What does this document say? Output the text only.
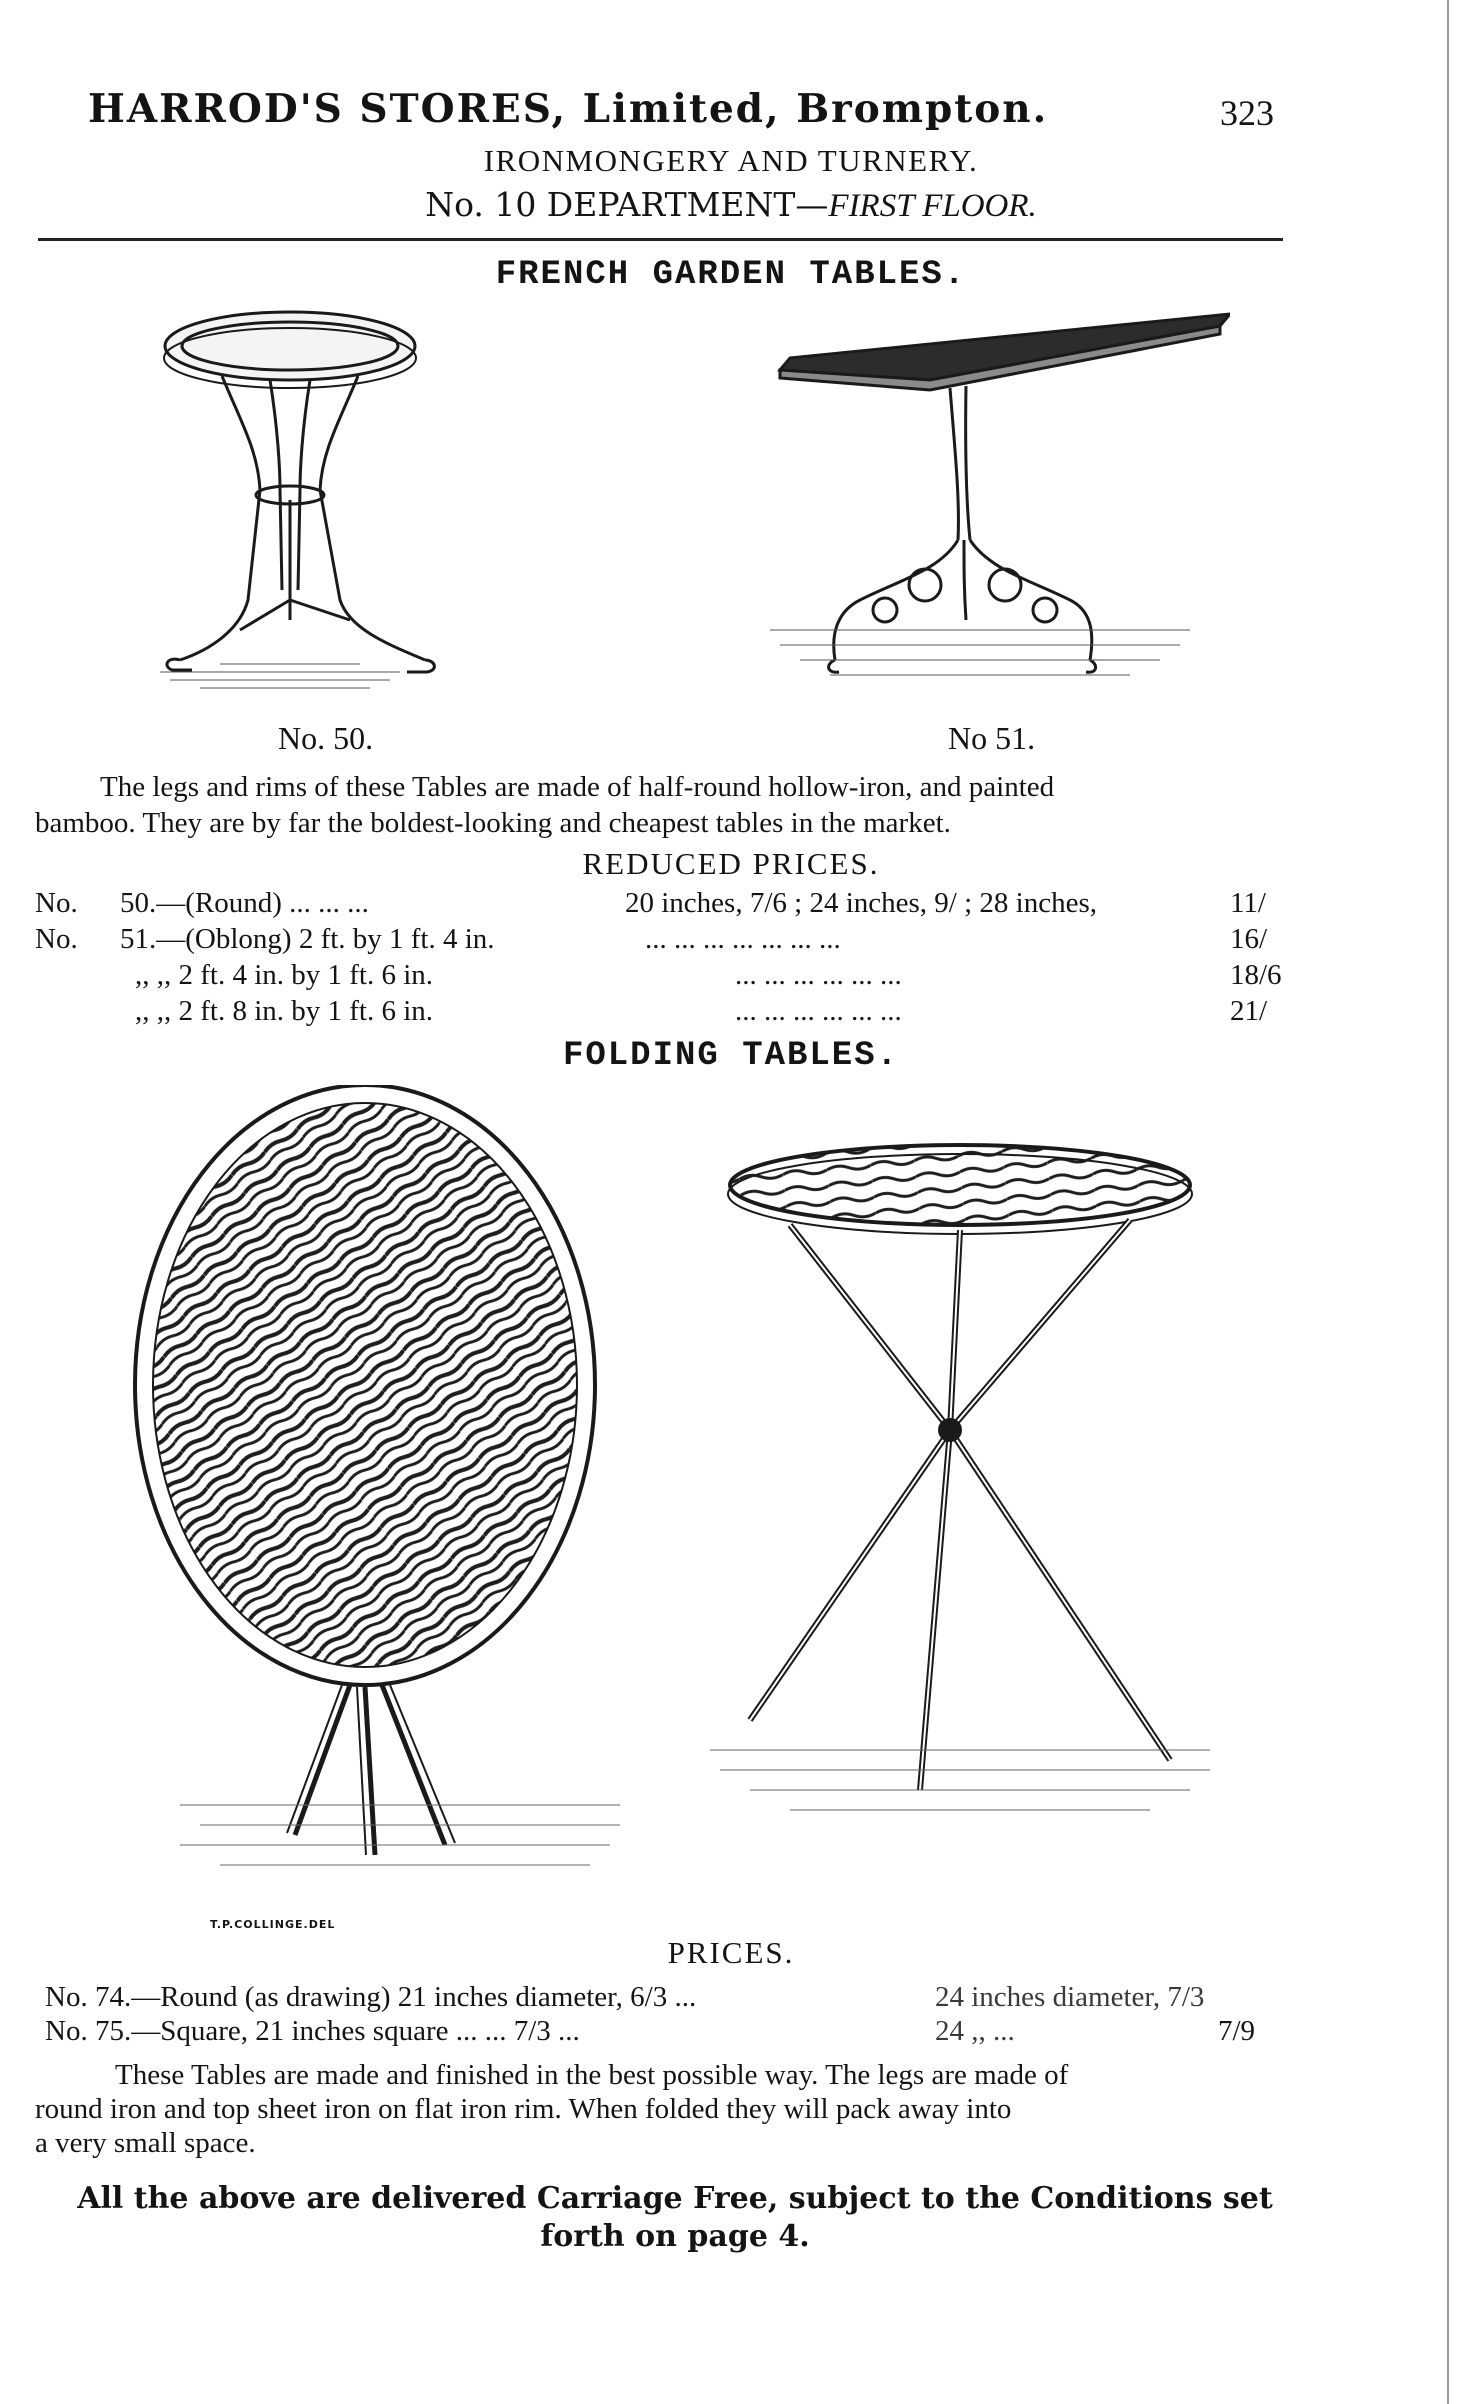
HARROD'S STORES, Limited, Brompton.	323
IRONMONGERY AND TURNERY.
No. 10 DEPARTMENT—FIRST FLOOR.
FRENCH GARDEN TABLES.
No. 50.	No 51.
The legs and rims of these Tables are made of half-round hollow-iron, and painted
bamboo. They are by far the boldest-looking and cheapest tables in the market.
REDUCED PRICES.
No. 50.—(Round) ... ... ...	20 inches, 7/6 ; 24 inches, 9/ ; 28 inches,	11/
No. 51.—(Oblong) 2 ft. by 1 ft. 4 in.	... ... ... ... ... ... ...	16/
,, ,, 2 ft. 4 in. by 1 ft. 6 in.	... ... ... ... ... ...	18/6
,, ,, 2 ft. 8 in. by 1 ft. 6 in.	... ... ... ... ... ...	21/
FOLDING TABLES.
T.P.COLLINGE.DEL
PRICES.
No. 74.—Round (as drawing) 21 inches diameter, 6/3 ...	24 inches diameter, 7/3
No. 75.—Square, 21 inches square ... ... 7/3 ...	24 ,, ...	7/9
These Tables are made and finished in the best possible way. The legs are made of
round iron and top sheet iron on flat iron rim. When folded they will pack away into
a very small space.
All the above are delivered Carriage Free, subject to the Conditions set
forth on page 4.
